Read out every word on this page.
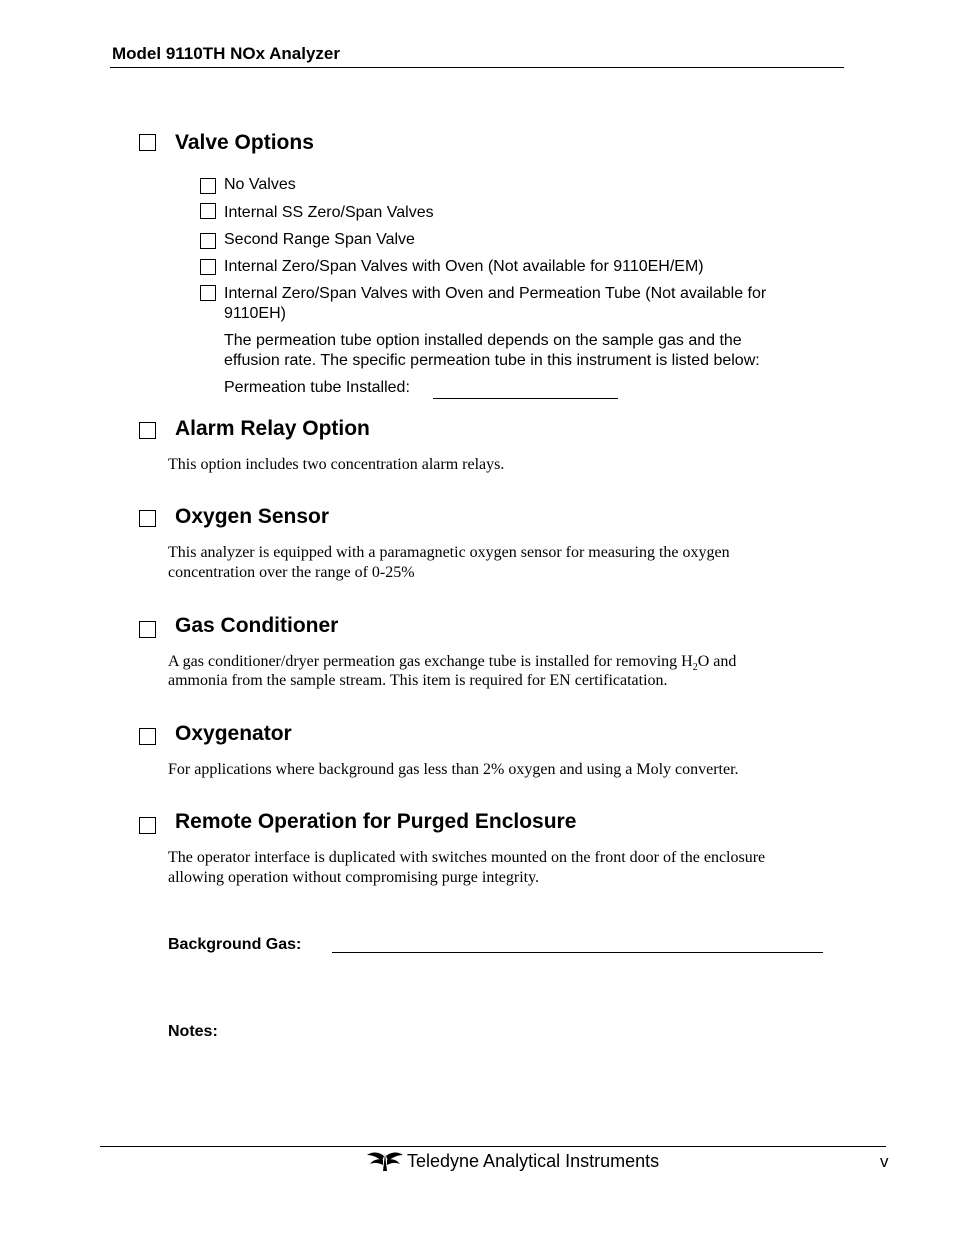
Model 9110TH NOx Analyzer
Valve Options
No Valves
Internal SS Zero/Span Valves
Second Range Span Valve
Internal Zero/Span Valves with Oven (Not available for 9110EH/EM)
Internal Zero/Span Valves with Oven and Permeation Tube (Not available for
9110EH)
The permeation tube option installed depends on the sample gas and the
effusion rate. The specific permeation tube in this instrument is listed below:
Permeation tube Installed:
Alarm Relay Option
This option includes two concentration alarm relays.
Oxygen Sensor
This analyzer is equipped with a paramagnetic oxygen sensor for measuring the oxygen
concentration over the range of 0-25%
Gas Conditioner
A gas conditioner/dryer permeation gas exchange tube is installed for removing $H_2O$ and
ammonia from the sample stream. This item is required for EN certificatation.
Oxygenator
For applications where background gas less than 2% oxygen and using a Moly converter.
Remote Operation for Purged Enclosure
The operator interface is duplicated with switches mounted on the front door of the enclosure
allowing operation without compromising purge integrity.
Background Gas:
Notes:
Teledyne Analytical Instruments	v
